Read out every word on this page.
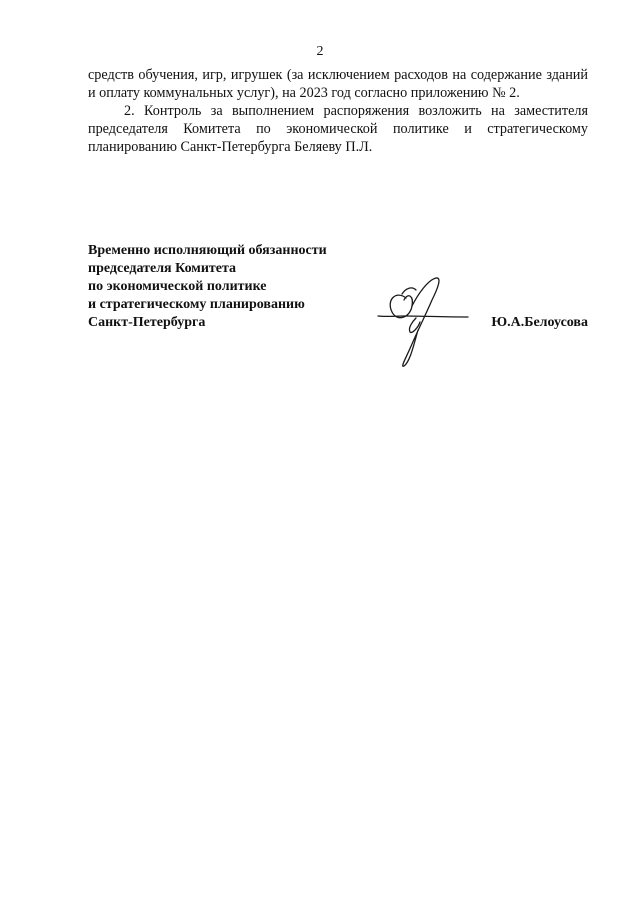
2

средств обучения, игр, игрушек (за исключением расходов на содержание зданий и оплату коммунальных услуг), на 2023 год согласно приложению № 2.

2. Контроль за выполнением распоряжения возложить на заместителя председателя Комитета по экономической политике и стратегическому планированию Санкт-Петербурга Беляеву П.Л.

Временно исполняющий обязанности
председателя Комитета
по экономической политике
и стратегическому планированию
Санкт-Петербурга	Ю.А.Белоусова
